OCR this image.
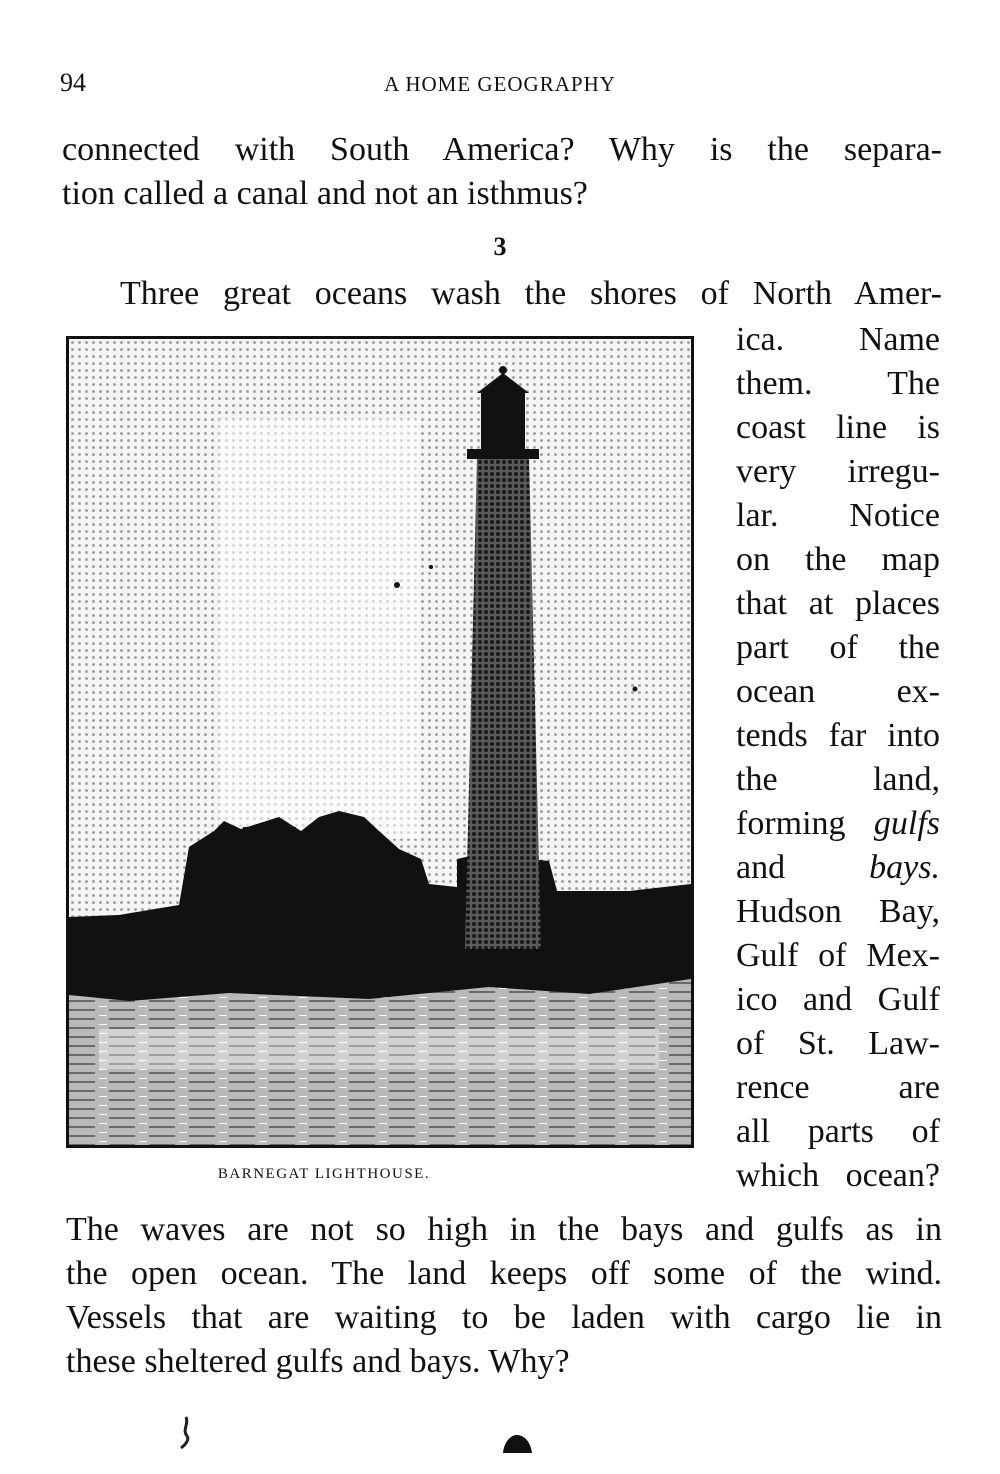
94	A HOME GEOGRAPHY
connected with South America? Why is the separa-
tion called a canal and not an isthmus?
3
Three great oceans wash the shores of North Amer-
ica. Name
them. The
coast line is
very irregu-
lar. Notice
on the map
that at places
part of the
ocean ex-
tends far into
the land,
forming gulfs
and bays.
Hudson Bay,
Gulf of Mex-
ico and Gulf
of St. Law-
rence are
all parts of
which ocean?
BARNEGAT LIGHTHOUSE.
The waves are not so high in the bays and gulfs as in
the open ocean. The land keeps off some of the wind.
Vessels that are waiting to be laden with cargo lie in
these sheltered gulfs and bays. Why?
